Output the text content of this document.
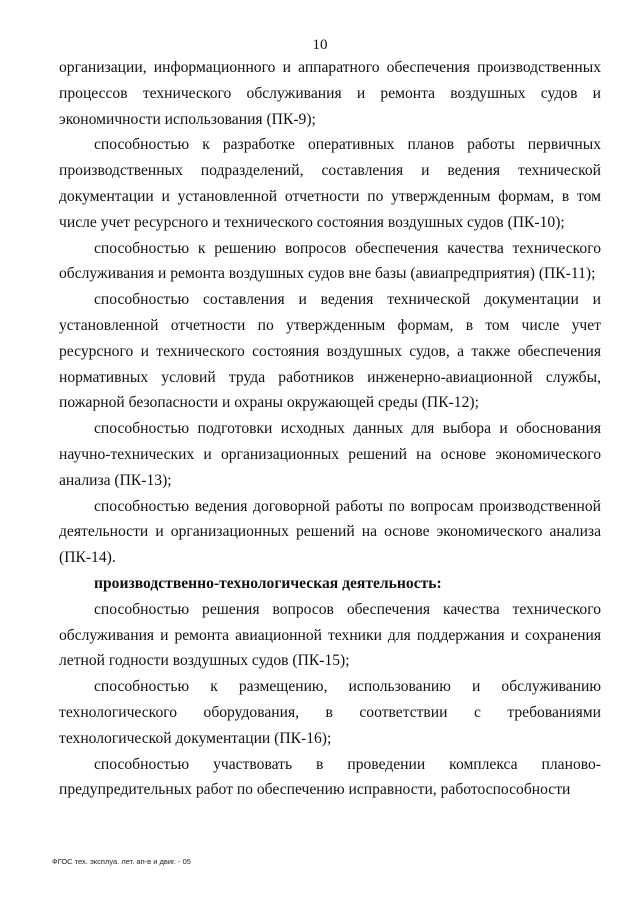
10

организации, информационного и аппаратного обеспечения производственных процессов технического обслуживания и ремонта воздушных судов и экономичности использования (ПК-9);

способностью к разработке оперативных планов работы первичных производственных подразделений, составления и ведения технической документации и установленной отчетности по утвержденным формам, в том числе учет ресурсного и технического состояния воздушных судов (ПК-10);

способностью к решению вопросов обеспечения качества технического обслуживания и ремонта воздушных судов вне базы (авиапредприятия) (ПК-11);

способностью составления и ведения технической документации и установленной отчетности по утвержденным формам, в том числе учет ресурсного и технического состояния воздушных судов, а также обеспечения нормативных условий труда работников инженерно-авиационной службы, пожарной безопасности и охраны окружающей среды (ПК-12);

способностью подготовки исходных данных для выбора и обоснования научно-технических и организационных решений на основе экономического анализа (ПК-13);

способностью ведения договорной работы по вопросам производственной деятельности и организационных решений на основе экономического анализа (ПК-14).

производственно-технологическая деятельность:

способностью решения вопросов обеспечения качества технического обслуживания и ремонта авиационной техники для поддержания и сохранения летной годности воздушных судов (ПК-15);

способностью к размещению, использованию и обслуживанию технологического оборудования, в соответствии с требованиями технологической документации (ПК-16);

способностью участвовать в проведении комплекса планово-предупредительных работ по обеспечению исправности, работоспособности

ФГОС тех. эксплуа. лет. ап-в и двиг. - 05
